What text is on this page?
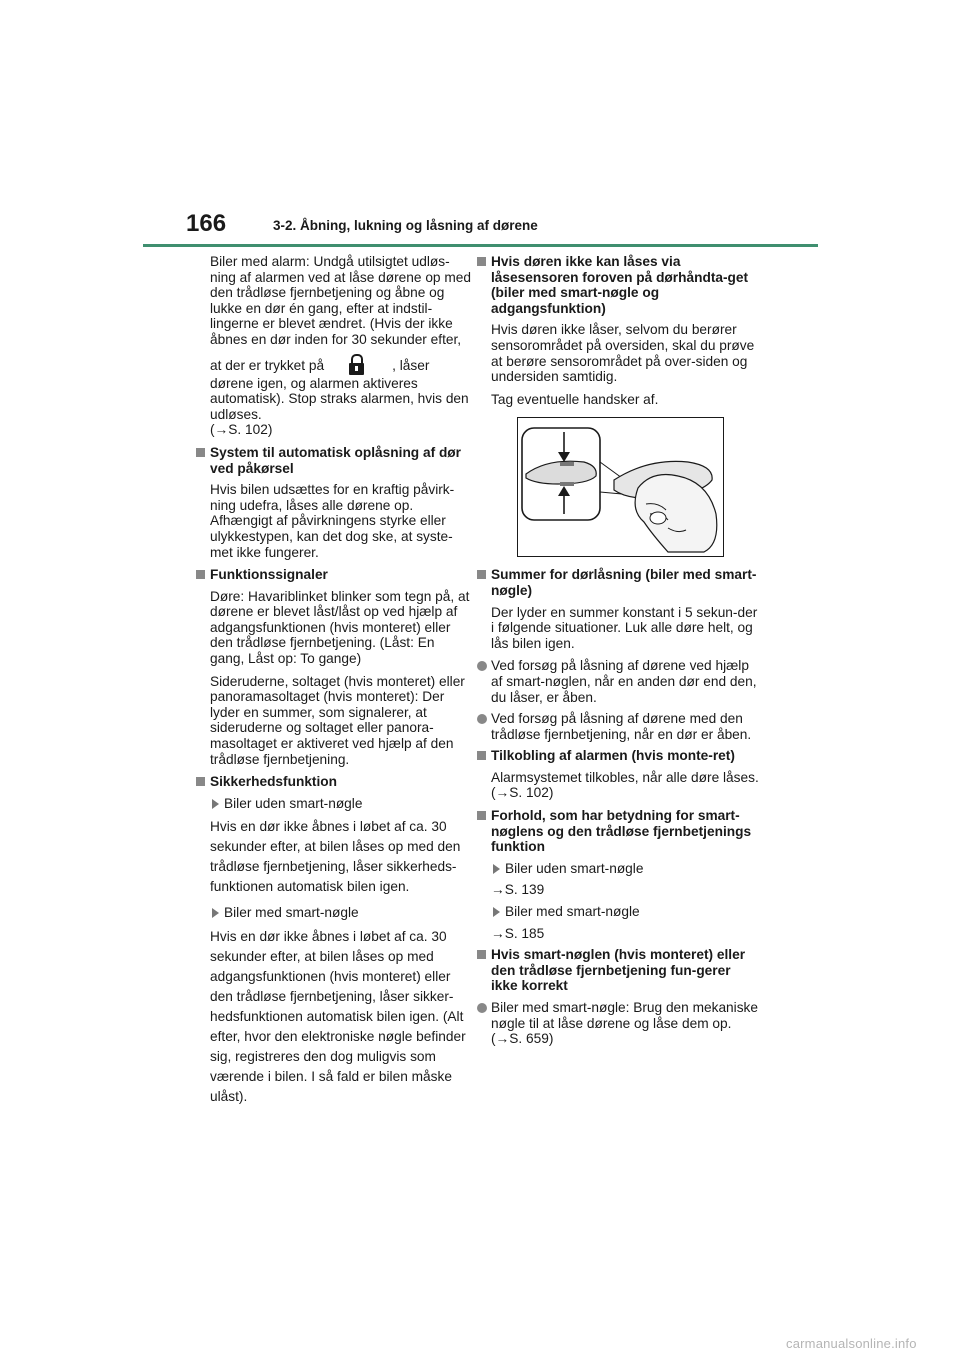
166	3-2. Åbning, lukning og låsning af dørene

Biler med alarm: Undgå utilsigtet udløs-ning af alarmen ved at låse dørene op med den trådløse fjernbetjening og åbne og lukke en dør én gang, efter at indstil-lingerne er blevet ændret. (Hvis der ikke åbnes en dør inden for 30 sekunder efter,

at der er trykket på	, låser dørene igen, og alarmen aktiveres automatisk). Stop straks alarmen, hvis den udløses.
(→S. 102)

System til automatisk oplåsning af dør ved påkørsel

Hvis bilen udsættes for en kraftig påvirk-ning udefra, låses alle dørene op. Afhængigt af påvirkningens styrke eller ulykkestypen, kan det dog ske, at syste-met ikke fungerer.

Funktionssignaler

Døre: Havariblinket blinker som tegn på, at dørene er blevet låst/låst op ved hjælp af adgangsfunktionen (hvis monteret) eller den trådløse fjernbetjening. (Låst: En gang, Låst op: To gange)

Sideruderne, soltaget (hvis monteret) eller panoramasoltaget (hvis monteret): Der lyder en summer, som signalerer, at sideruderne og soltaget eller panora-masoltaget er aktiveret ved hjælp af den trådløse fjernbetjening.

Sikkerhedsfunktion
Biler uden smart-nøgle

Hvis en dør ikke åbnes i løbet af ca. 30 sekunder efter, at bilen låses op med den trådløse fjernbetjening, låser sikkerheds-funktionen automatisk bilen igen.

Biler med smart-nøgle

Hvis en dør ikke åbnes i løbet af ca. 30 sekunder efter, at bilen låses op med adgangsfunktionen (hvis monteret) eller den trådløse fjernbetjening, låser sikker-hedsfunktionen automatisk bilen igen. (Alt efter, hvor den elektroniske nøgle befinder sig, registreres den dog muligvis som værende i bilen. I så fald er bilen måske ulåst).

Hvis døren ikke kan låses via låsesensoren foroven på dørhåndta-get (biler med smart-nøgle og adgangsfunktion)

Hvis døren ikke låser, selvom du berører sensorområdet på oversiden, skal du prøve at berøre sensorområdet på over-siden og undersiden samtidig.

Tag eventuelle handsker af.

Summer for dørlåsning (biler med smart-nøgle)

Der lyder en summer konstant i 5 sekun-der i følgende situationer. Luk alle døre helt, og lås bilen igen.

Ved forsøg på låsning af dørene ved hjælp af smart-nøglen, når en anden dør end den, du låser, er åben.
Ved forsøg på låsning af dørene med den trådløse fjernbetjening, når en dør er åben.
Tilkobling af alarmen (hvis monte-ret)

Alarmsystemet tilkobles, når alle døre låses. (→S. 102)

Forhold, som har betydning for smart-nøglens og den trådløse fjernbetjenings funktion
Biler uden smart-nøgle

→S. 139

Biler med smart-nøgle

→S. 185

Hvis smart-nøglen (hvis monteret) eller den trådløse fjernbetjening fun-gerer ikke korrekt
Biler med smart-nøgle: Brug den mekaniske nøgle til at låse dørene og låse dem op. (→S. 659)
carmanualsonline.info
